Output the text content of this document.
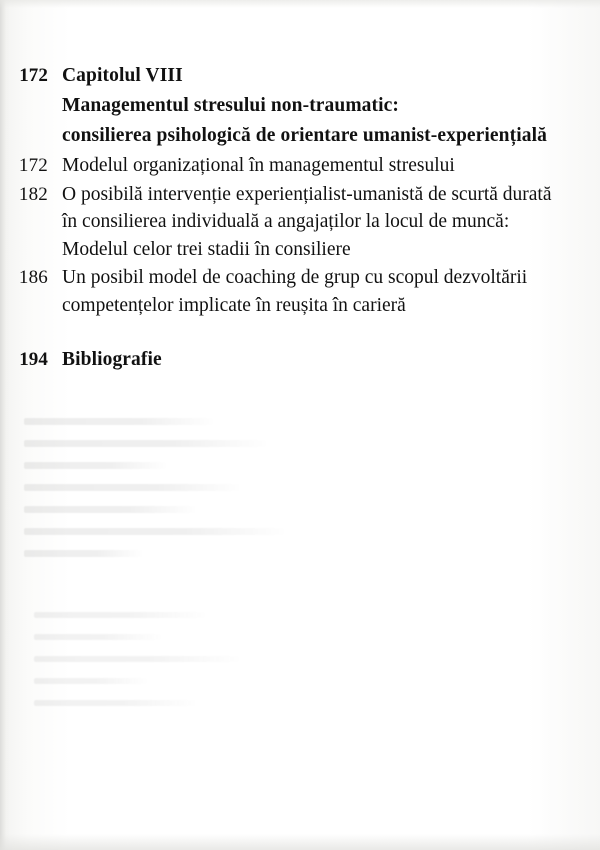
172 Capitolul VIII
Managementul stresului non-traumatic:
consilierea psihologică de orientare umanist-experiențială
172 Modelul organizațional în managementul stresului
182 O posibilă intervenție experiențialist-umanistă de scurtă durată în consilierea individuală a angajaților la locul de muncă: Modelul celor trei stadii în consiliere
186 Un posibil model de coaching de grup cu scopul dezvoltării competențelor implicate în reușita în carieră
194 Bibliografie
